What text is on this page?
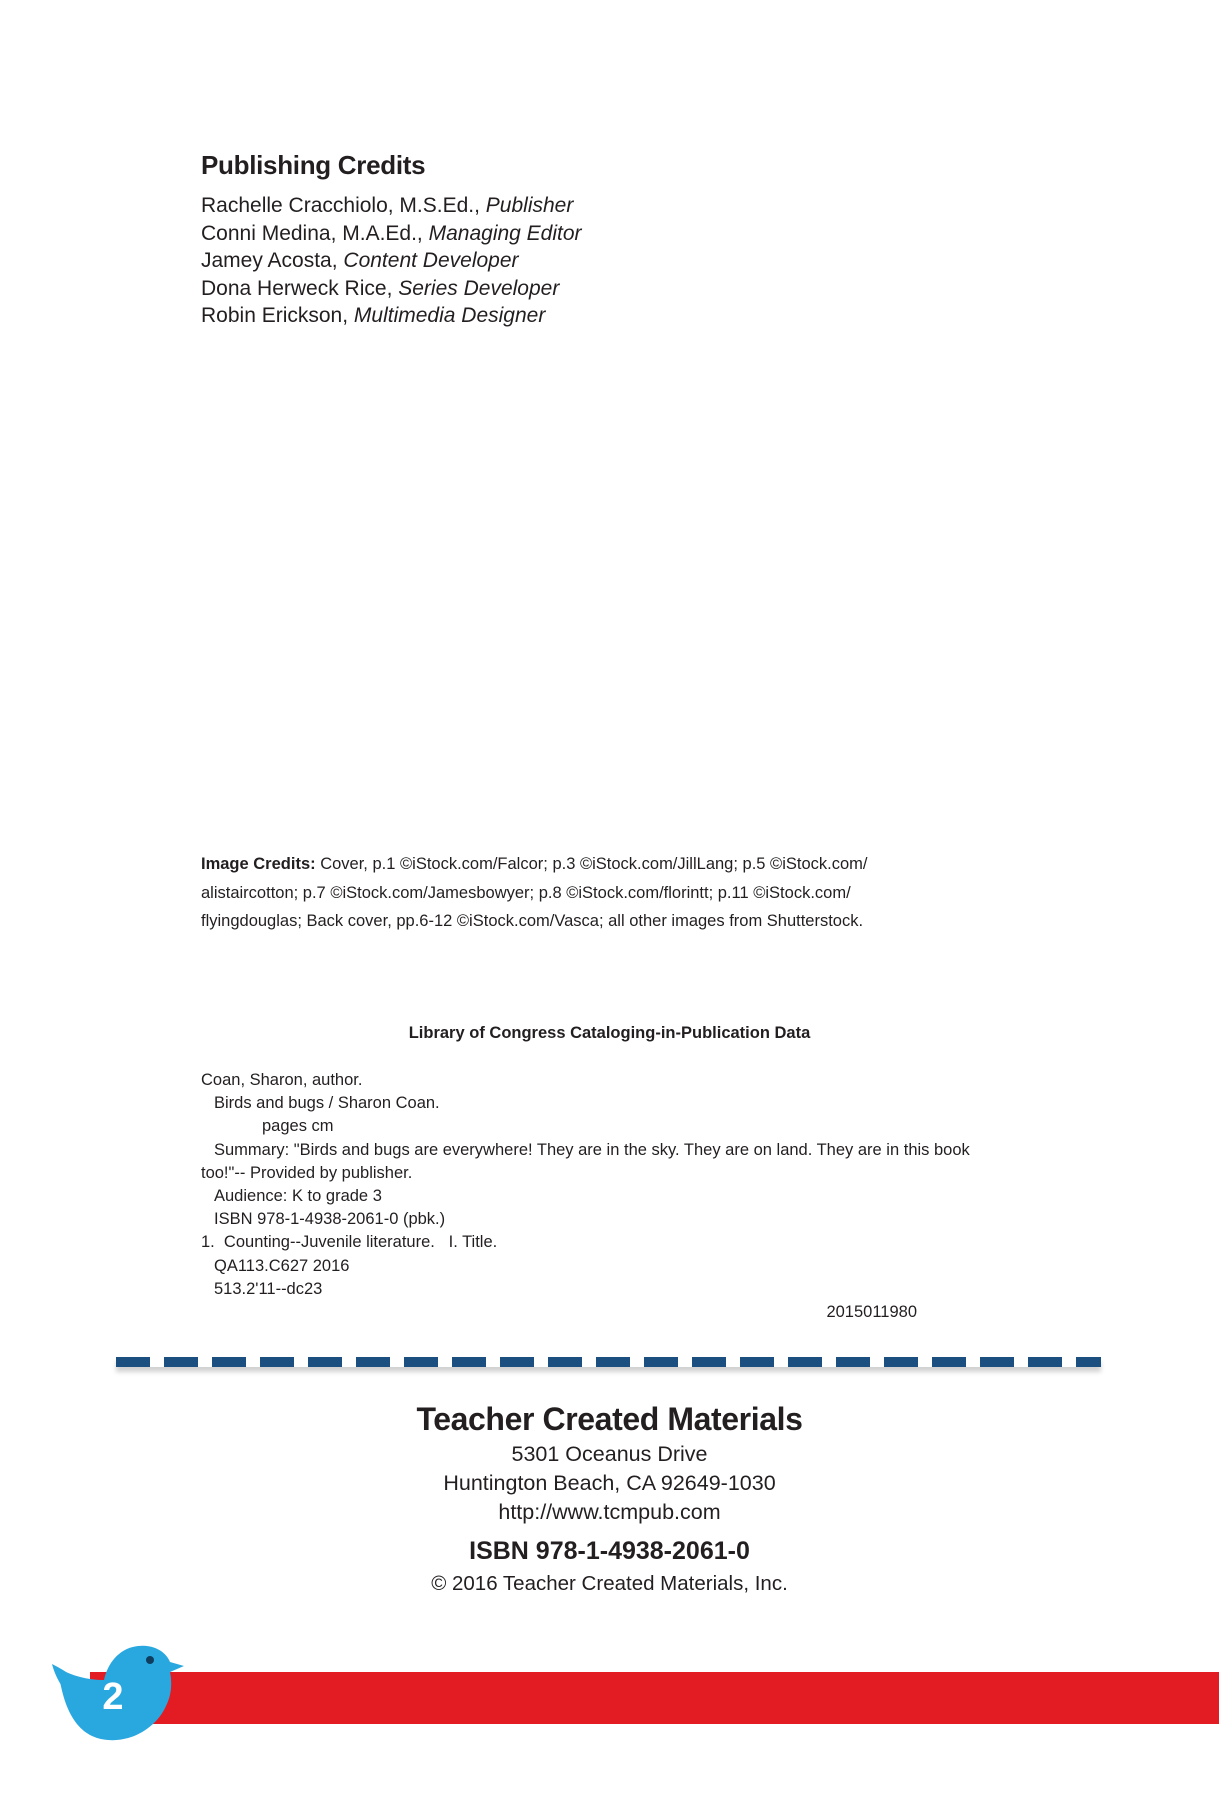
Publishing Credits
Rachelle Cracchiolo, M.S.Ed., Publisher
Conni Medina, M.A.Ed., Managing Editor
Jamey Acosta, Content Developer
Dona Herweck Rice, Series Developer
Robin Erickson, Multimedia Designer
Image Credits: Cover, p.1 ©iStock.com/Falcor; p.3 ©iStock.com/JillLang; p.5 ©iStock.com/ alistaircotton; p.7 ©iStock.com/Jamesbowyer; p.8 ©iStock.com/florintt; p.11 ©iStock.com/ flyingdouglas; Back cover, pp.6-12 ©iStock.com/Vasca; all other images from Shutterstock.
Library of Congress Cataloging-in-Publication Data
Coan, Sharon, author.
Birds and bugs / Sharon Coan.
pages cm
Summary: "Birds and bugs are everywhere! They are in the sky. They are on land. They are in this book too!"-- Provided by publisher.
Audience: K to grade 3
ISBN 978-1-4938-2061-0 (pbk.)
1.  Counting--Juvenile literature.   I. Title.
QA113.C627 2016
513.2'11--dc23
2015011980
Teacher Created Materials
5301 Oceanus Drive
Huntington Beach, CA 92649-1030
http://www.tcmpub.com
ISBN 978-1-4938-2061-0
© 2016 Teacher Created Materials, Inc.
2
